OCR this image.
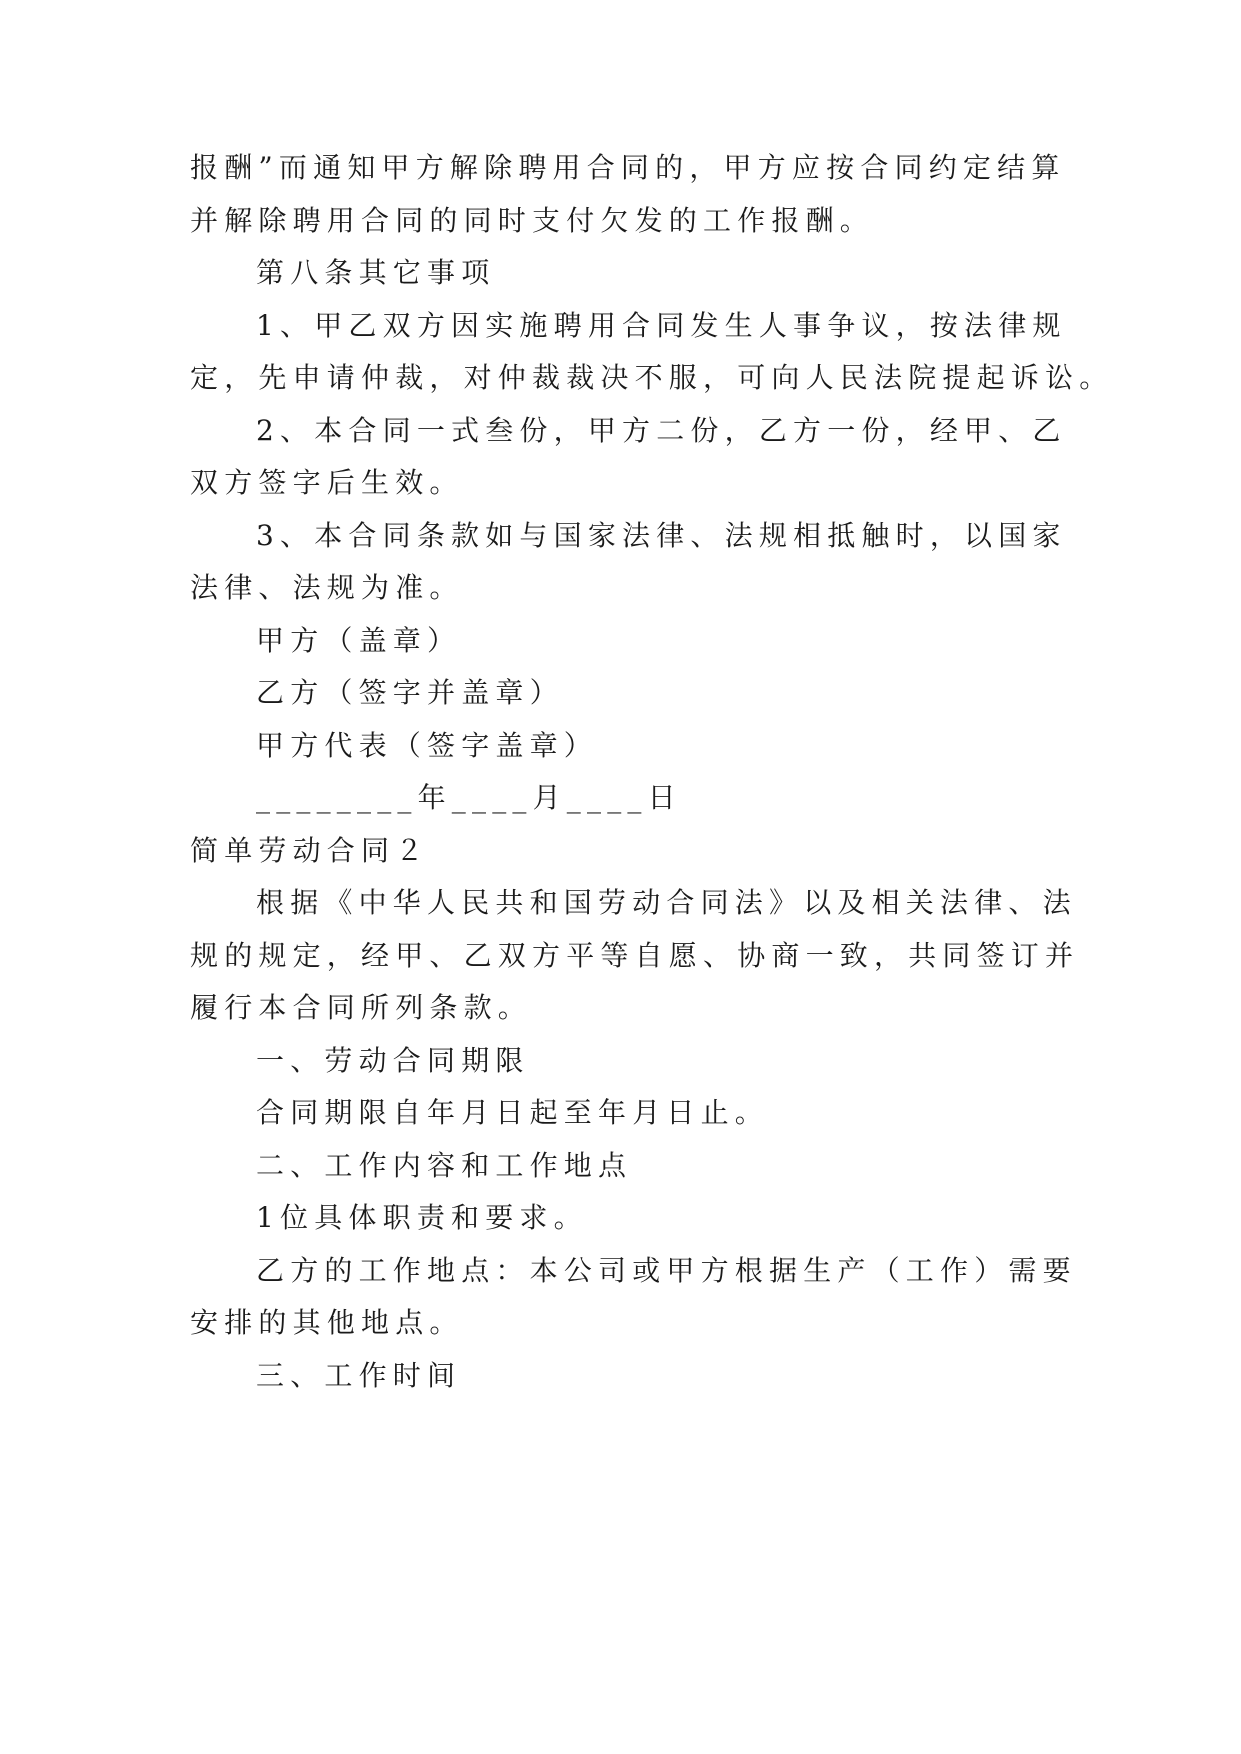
报酬”而通知甲方解除聘用合同的，甲方应按合同约定结算
并解除聘用合同的同时支付欠发的工作报酬。
第八条其它事项
1、甲乙双方因实施聘用合同发生人事争议，按法律规
定，先申请仲裁，对仲裁裁决不服，可向人民法院提起诉讼。
2、本合同一式叁份，甲方二份，乙方一份，经甲、乙
双方签字后生效。
3、本合同条款如与国家法律、法规相抵触时，以国家
法律、法规为准。
甲方（盖章）
乙方（签字并盖章）
甲方代表（签字盖章）
________年____月____日
简单劳动合同２
根据《中华人民共和国劳动合同法》以及相关法律、法
规的规定，经甲、乙双方平等自愿、协商一致，共同签订并
履行本合同所列条款。
一、劳动合同期限
合同期限自年月日起至年月日止。
二、工作内容和工作地点
1位具体职责和要求。
乙方的工作地点：本公司或甲方根据生产（工作）需要
安排的其他地点。
三、工作时间
